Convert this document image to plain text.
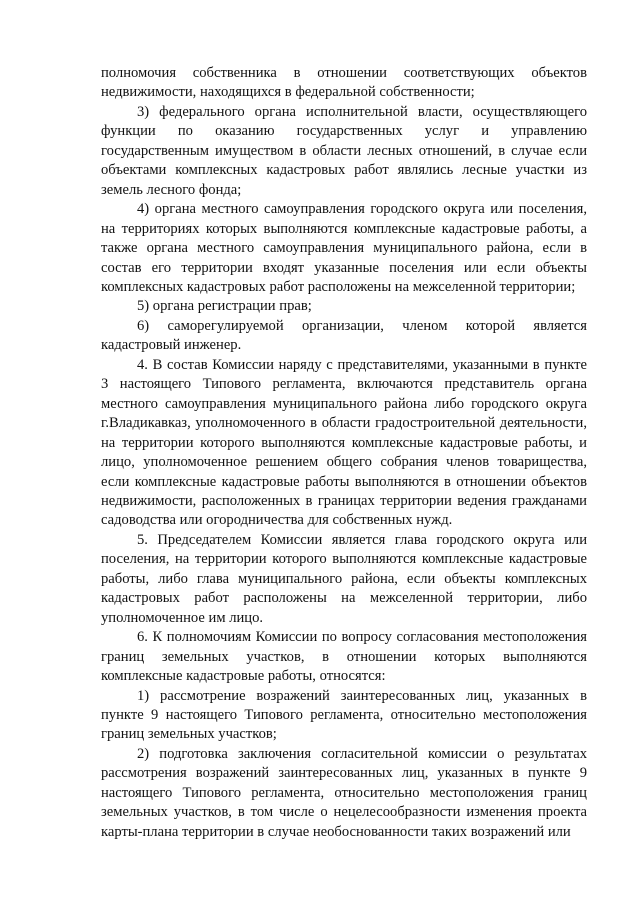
полномочия собственника в отношении соответствующих объектов недвижимости, находящихся в федеральной собственности;

3) федерального органа исполнительной власти, осуществляющего функции по оказанию государственных услуг и управлению государственным имуществом в области лесных отношений, в случае если объектами комплексных кадастровых работ являлись лесные участки из земель лесного фонда;

4) органа местного самоуправления городского округа или поселения, на территориях которых выполняются комплексные кадастровые работы, а также органа местного самоуправления муниципального района, если в состав его территории входят указанные поселения или если объекты комплексных кадастровых работ расположены на межселенной территории;

5) органа регистрации прав;

6) саморегулируемой организации, членом которой является кадастровый инженер.

4. В состав Комиссии наряду с представителями, указанными в пункте 3 настоящего Типового регламента, включаются представитель органа местного самоуправления муниципального района либо городского округа г.Владикавказ, уполномоченного в области градостроительной деятельности, на территории которого выполняются комплексные кадастровые работы, и лицо, уполномоченное решением общего собрания членов товарищества, если комплексные кадастровые работы выполняются в отношении объектов недвижимости, расположенных в границах территории ведения гражданами садоводства или огородничества для собственных нужд.

5. Председателем Комиссии является глава городского округа или поселения, на территории которого выполняются комплексные кадастровые работы, либо глава муниципального района, если объекты комплексных кадастровых работ расположены на межселенной территории, либо уполномоченное им лицо.

6. К полномочиям Комиссии по вопросу согласования местоположения границ земельных участков, в отношении которых выполняются комплексные кадастровые работы, относятся:

1) рассмотрение возражений заинтересованных лиц, указанных в пункте 9 настоящего Типового регламента, относительно местоположения границ земельных участков;

2) подготовка заключения согласительной комиссии о результатах рассмотрения возражений заинтересованных лиц, указанных в пункте 9 настоящего Типового регламента, относительно местоположения границ земельных участков, в том числе о нецелесообразности изменения проекта карты-плана территории в случае необоснованности таких возражений или
